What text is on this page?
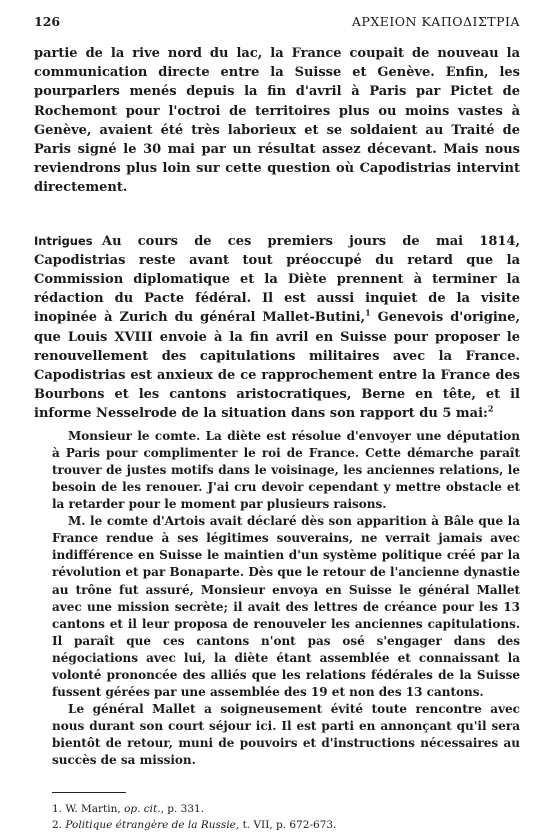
126	ΑΡΧΕΙΟΝ ΚΑΠΟΔΙΣΤΡΙΑ

partie de la rive nord du lac, la France coupait de nouveau la communication directe entre la Suisse et Genève. Enfin, les pourparlers menés depuis la fin d'avril à Paris par Pictet de Rochemont pour l'octroi de territoires plus ou moins vastes à Genève, avaient été très laborieux et se soldaient au Traité de Paris signé le 30 mai par un résultat assez décevant. Mais nous reviendrons plus loin sur cette question où Capodistrias intervint directement.

Intrigues Au cours de ces premiers jours de mai 1814, Capodistrias reste avant tout préoccupé du retard que la Commission diplomatique et la Diète prennent à terminer la rédaction du Pacte fédéral. Il est aussi inquiet de la visite inopinée à Zurich du général Mallet-Butini,$^1$ Genevois d'origine, que Louis XVIII envoie à la fin avril en Suisse pour proposer le renouvellement des capitulations militaires avec la France. Capodistrias est anxieux de ce rapprochement entre la France des Bourbons et les cantons aristocratiques, Berne en tête, et il informe Nesselrode de la situation dans son rapport du 5 mai:$^2$

Monsieur le comte. La diète est résolue d'envoyer une députation à Paris pour complimenter le roi de France. Cette démarche paraît trouver de justes motifs dans le voisinage, les anciennes relations, le besoin de les renouer. J'ai cru devoir cependant y mettre obstacle et la retarder pour le moment par plusieurs raisons.

M. le comte d'Artois avait déclaré dès son apparition à Bâle que la France rendue à ses légitimes souverains, ne verrait jamais avec indifférence en Suisse le maintien d'un système politique créé par la révolution et par Bonaparte. Dès que le retour de l'ancienne dynastie au trône fut assuré, Monsieur envoya en Suisse le général Mallet avec une mission secrète; il avait des lettres de créance pour les 13 cantons et il leur proposa de renouveler les anciennes capitulations. Il paraît que ces cantons n'ont pas osé s'engager dans des négociations avec lui, la diète étant assemblée et connaissant la volonté prononcée des alliés que les relations fédérales de la Suisse fussent gérées par une assemblée des 19 et non des 13 cantons.

Le général Mallet a soigneusement évité toute rencontre avec nous durant son court séjour ici. Il est parti en annonçant qu'il sera bientôt de retour, muni de pouvoirs et d'instructions nécessaires au succès de sa mission.

1. W. Martin, op. cit., p. 331.
2. Politique étrangère de la Russie, t. VII, p. 672-673.
